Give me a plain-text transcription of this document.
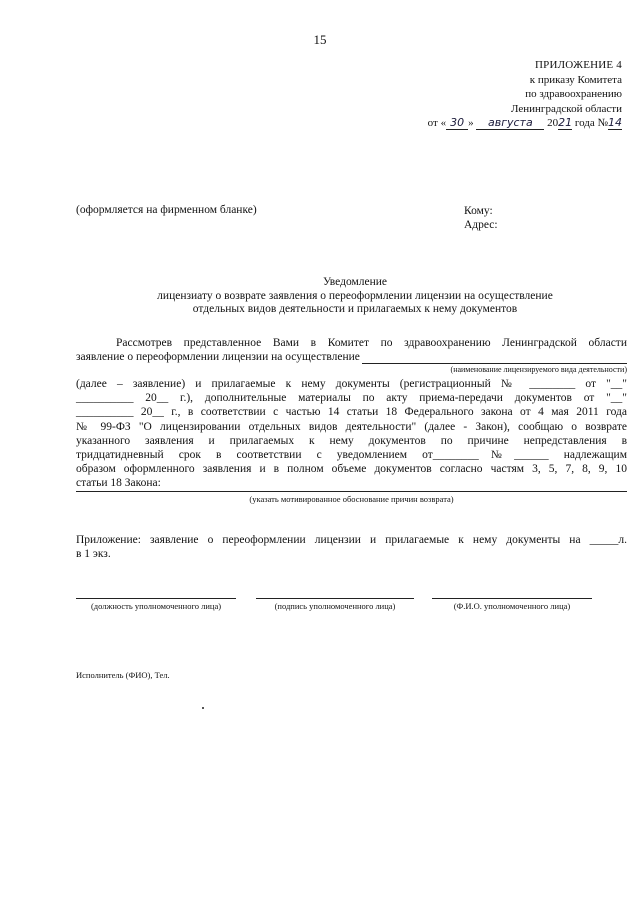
15
ПРИЛОЖЕНИЕ 4
к приказу Комитета
по здравоохранению
Ленинградской области
от « 30 » августа 2021 года №14
(оформляется на фирменном бланке)	Кому:
Адрес:
Уведомление
лицензиату о возврате заявления о переоформлении лицензии на осуществление
отдельных видов деятельности и прилагаемых к нему документов
Рассмотрев представленное Вами в Комитет по здравоохранению Ленинградской области
заявление о переоформлении лицензии на осуществление
(наименование лицензируемого вида деятельности)
(далее – заявление) и прилагаемые к нему документы (регистрационный № ________ от "__"
__________ 20__ г.), дополнительные материалы по акту приема-передачи документов от "__"
__________ 20__ г., в соответствии с частью 14 статьи 18 Федерального закона от 4 мая 2011 года
№ 99-ФЗ "О лицензировании отдельных видов деятельности" (далее - Закон), сообщаю о возврате
указанного заявления и прилагаемых к нему документов по причине непредставления в
тридцатидневный срок в соответствии с уведомлением от________№______ надлежащим
образом оформленного заявления и в полном объеме документов согласно частям 3, 5, 7, 8, 9, 10
статьи 18 Закона:
(указать мотивированное обоснование причин возврата)
Приложение: заявление о переоформлении лицензии и прилагаемые к нему документы на _____л.
в 1 экз.
(должность уполномоченного лица)	(подпись уполномоченного лица)	(Ф.И.О. уполномоченного лица)
Исполнитель (ФИО), Тел.
